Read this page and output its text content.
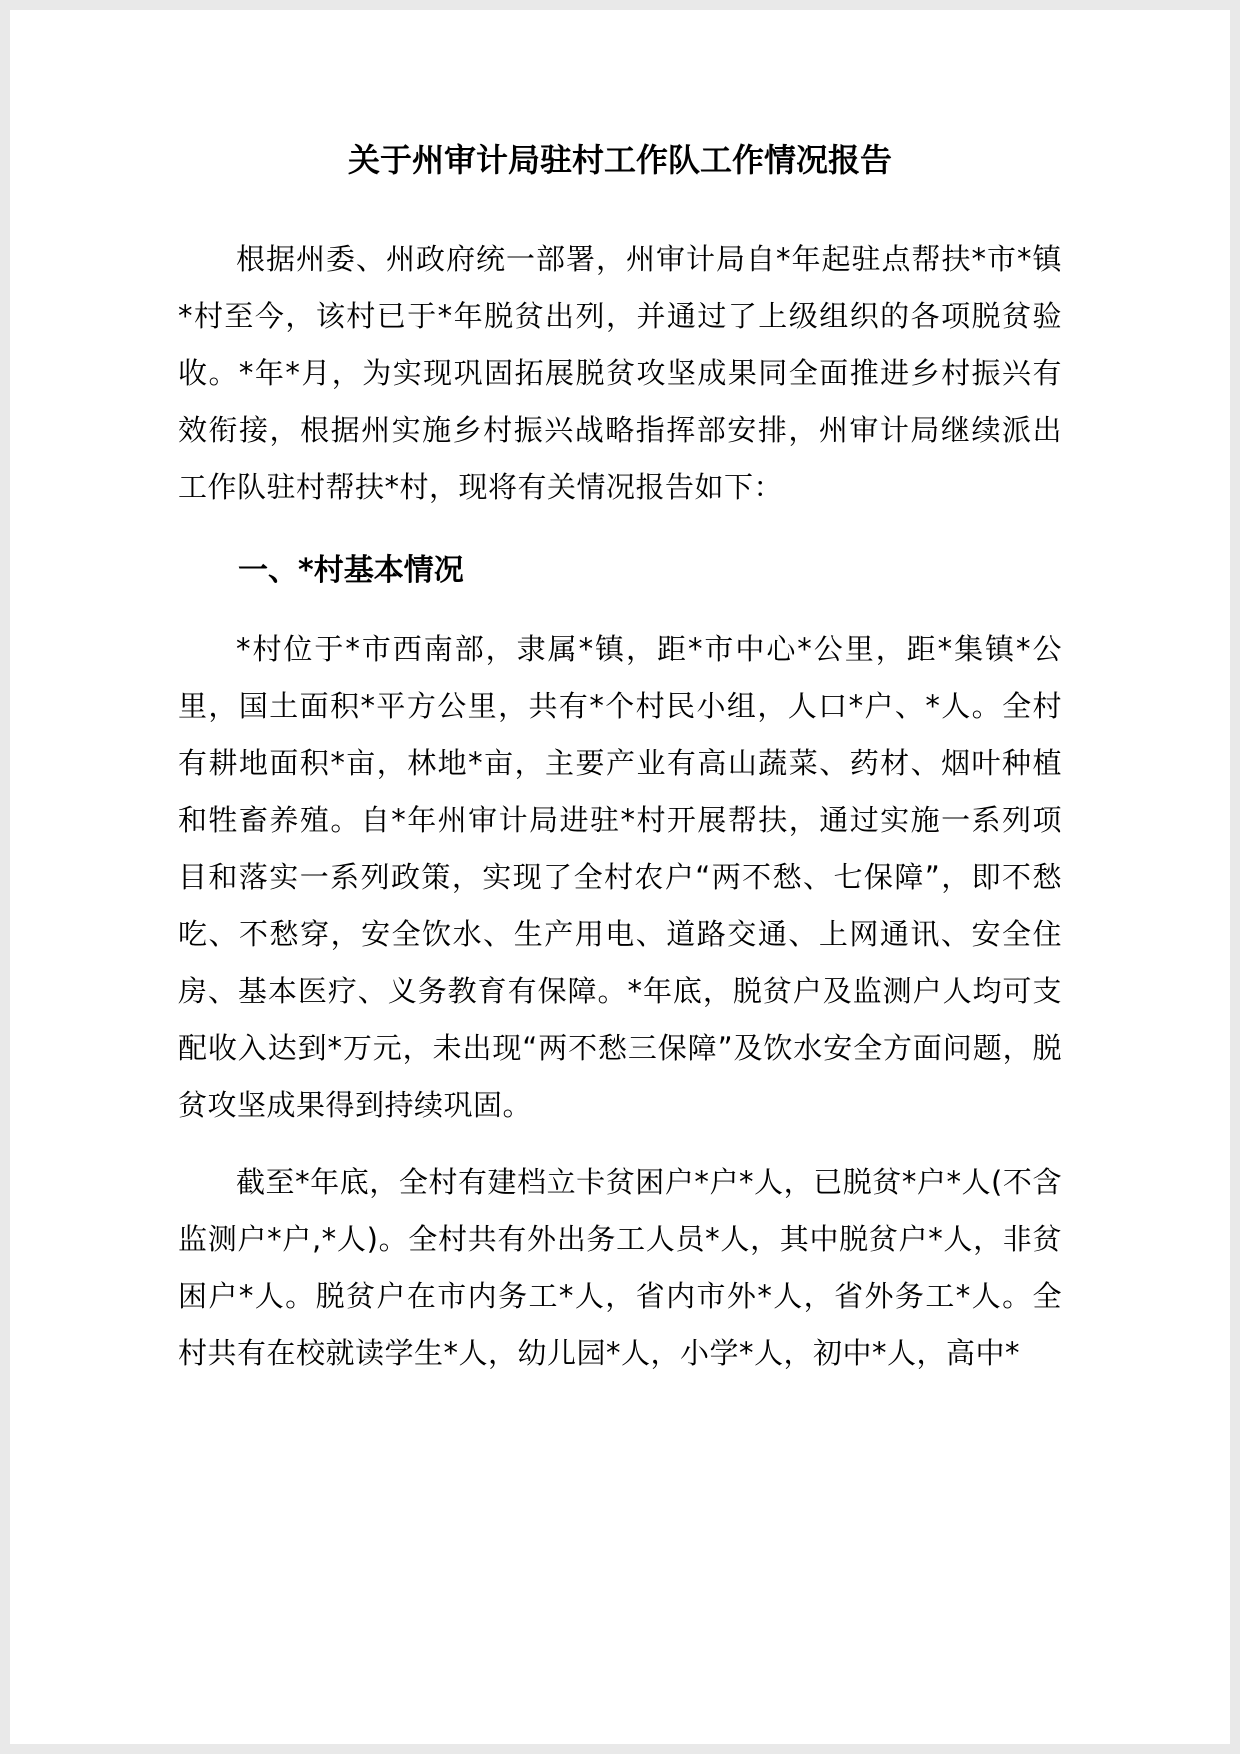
关于州审计局驻村工作队工作情况报告

根据州委、州政府统一部署，州审计局自*年起驻点帮扶*市*镇*村至今，该村已于*年脱贫出列，并通过了上级组织的各项脱贫验收。*年*月，为实现巩固拓展脱贫攻坚成果同全面推进乡村振兴有效衔接，根据州实施乡村振兴战略指挥部安排，州审计局继续派出工作队驻村帮扶*村，现将有关情况报告如下：

一、*村基本情况

*村位于*市西南部，隶属*镇，距*市中心*公里，距*集镇*公里，国土面积*平方公里，共有*个村民小组，人口*户、*人。全村有耕地面积*亩，林地*亩，主要产业有高山蔬菜、药材、烟叶种植和牲畜养殖。自*年州审计局进驻*村开展帮扶，通过实施一系列项目和落实一系列政策，实现了全村农户“两不愁、七保障”，即不愁吃、不愁穿，安全饮水、生产用电、道路交通、上网通讯、安全住房、基本医疗、义务教育有保障。*年底，脱贫户及监测户人均可支配收入达到*万元，未出现“两不愁三保障”及饮水安全方面问题，脱贫攻坚成果得到持续巩固。

截至*年底，全村有建档立卡贫困户*户*人，已脱贫*户*人(不含监测户*户,*人)。全村共有外出务工人员*人，其中脱贫户*人，非贫困户*人。脱贫户在市内务工*人，省内市外*人，省外务工*人。全村共有在校就读学生*人，幼儿园*人，小学*人，初中*人，高中*
